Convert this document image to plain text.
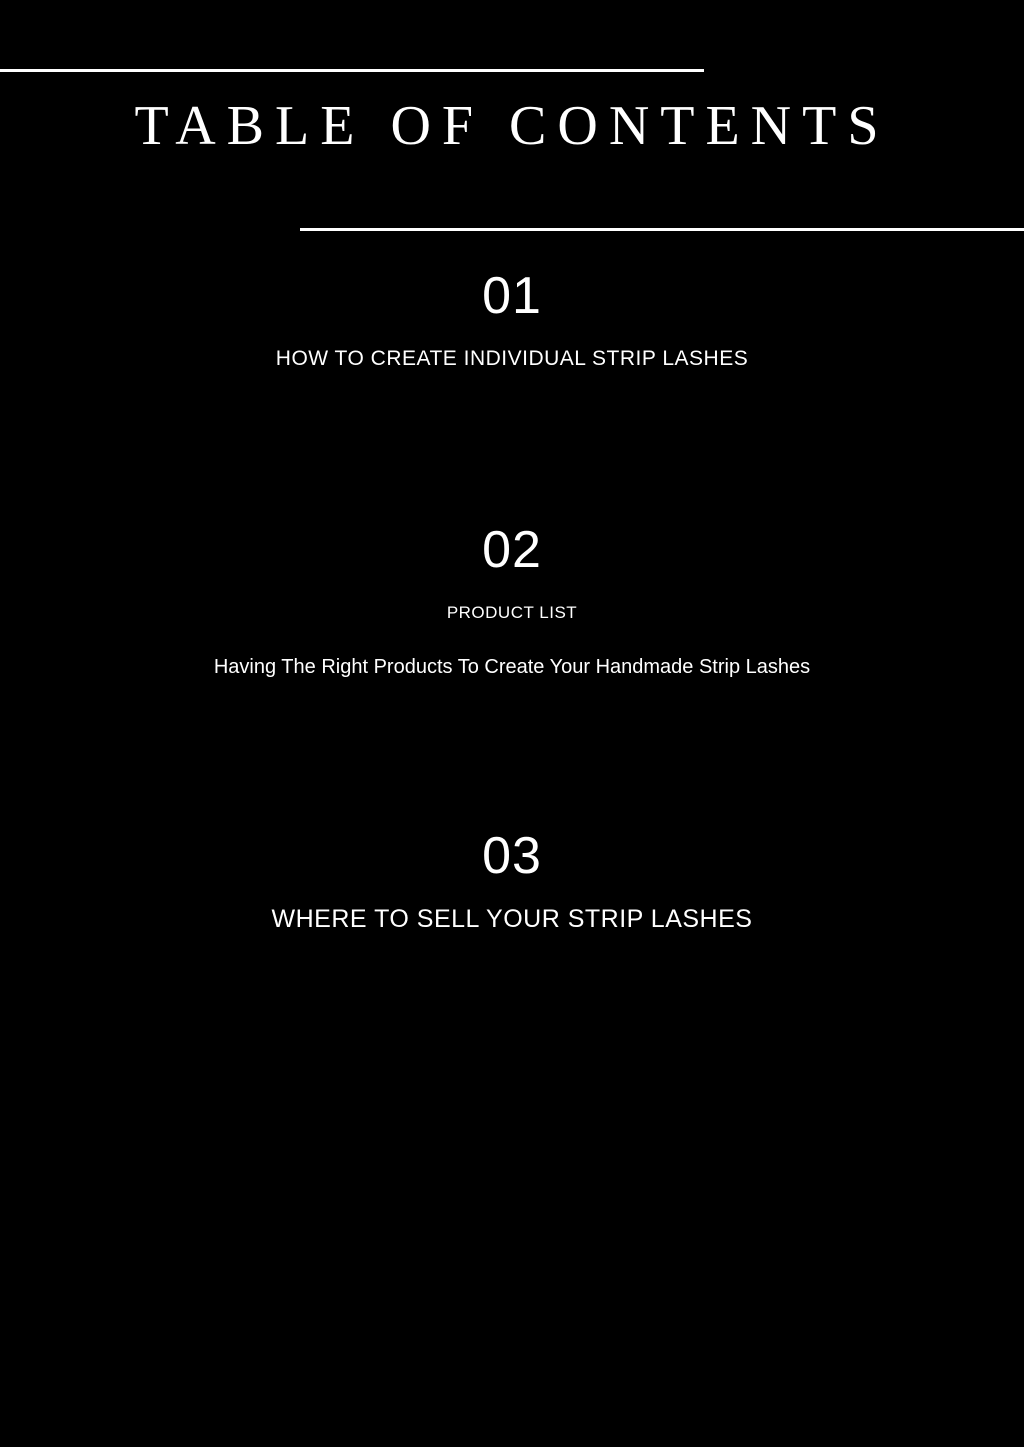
TABLE OF CONTENTS
01
HOW TO CREATE INDIVIDUAL STRIP LASHES
02
PRODUCT LIST
Having The Right Products To Create Your Handmade Strip Lashes
03
WHERE TO SELL YOUR STRIP LASHES
